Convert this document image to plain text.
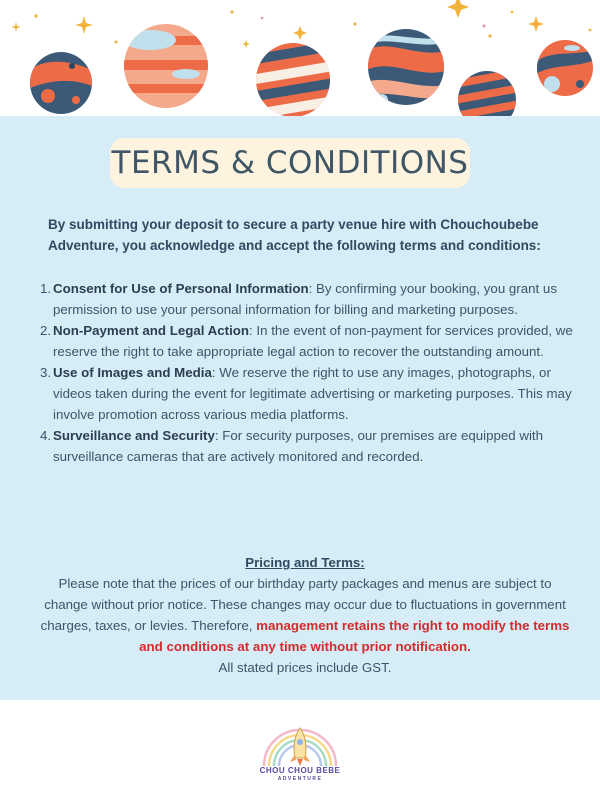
TERMS & CONDITIONS
By submitting your deposit to secure a party venue hire with Chouchoubebe Adventure, you acknowledge and accept the following terms and conditions:
1. Consent for Use of Personal Information: By confirming your booking, you grant us permission to use your personal information for billing and marketing purposes.
2. Non-Payment and Legal Action: In the event of non-payment for services provided, we reserve the right to take appropriate legal action to recover the outstanding amount.
3. Use of Images and Media: We reserve the right to use any images, photographs, or videos taken during the event for legitimate advertising or marketing purposes. This may involve promotion across various media platforms.
4. Surveillance and Security: For security purposes, our premises are equipped with surveillance cameras that are actively monitored and recorded.
Pricing and Terms:
Please note that the prices of our birthday party packages and menus are subject to change without prior notice. These changes may occur due to fluctuations in government charges, taxes, or levies. Therefore, management retains the right to modify the terms and conditions at any time without prior notification.
All stated prices include GST.
CHOU CHOU BEBE
ADVENTURE
